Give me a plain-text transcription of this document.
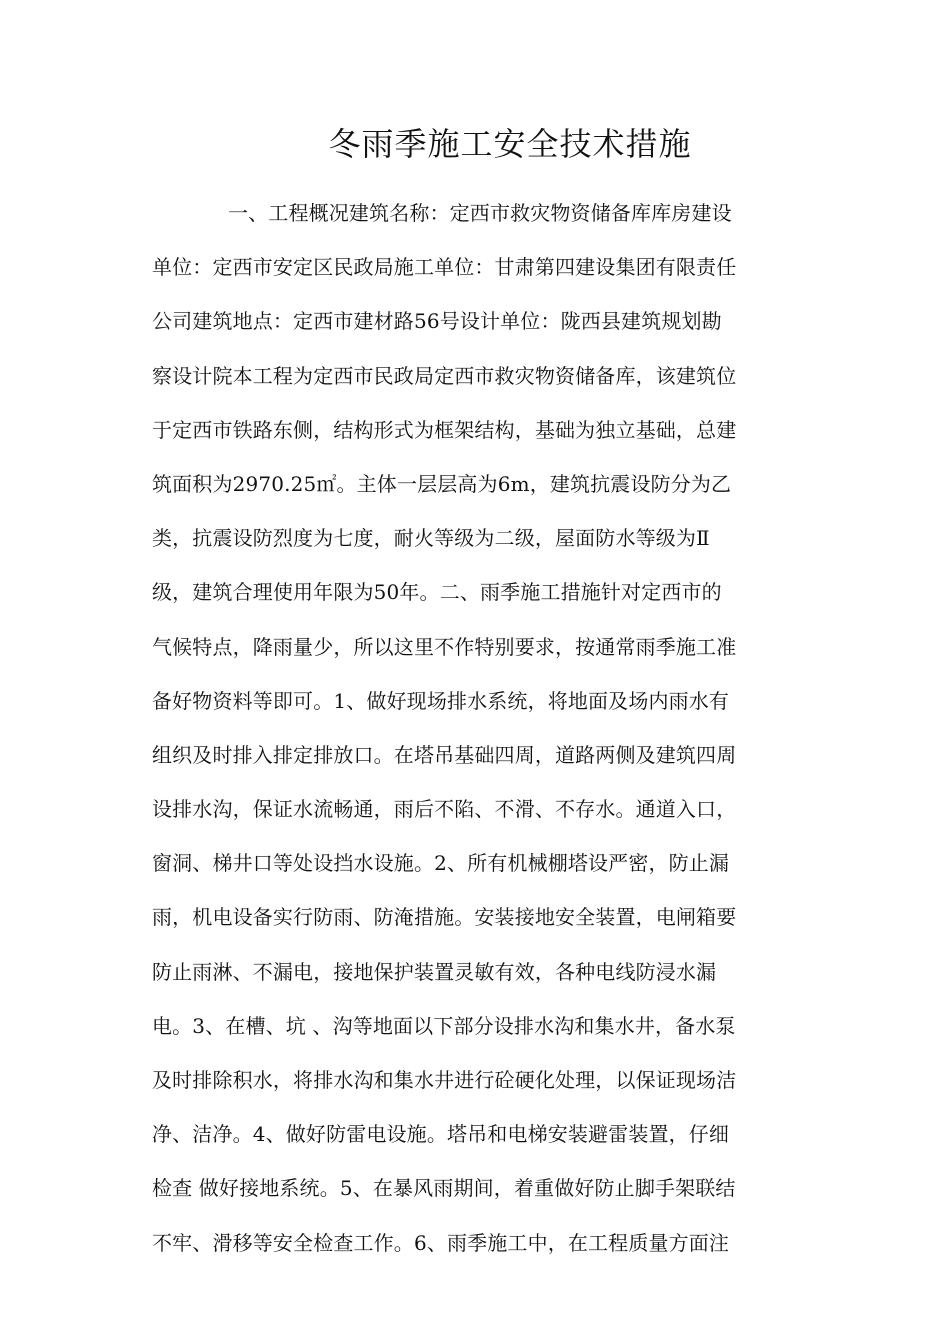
冬雨季施工安全技术措施
一、工程概况建筑名称：定西市救灾物资储备库库房建设
单位：定西市安定区民政局施工单位：甘肃第四建设集团有限责任
公司建筑地点：定西市建材路56号设计单位：陇西县建筑规划勘
察设计院本工程为定西市民政局定西市救灾物资储备库，该建筑位
于定西市铁路东侧，结构形式为框架结构，基础为独立基础，总建
筑面积为2970.25㎡。主体一层层高为6m，建筑抗震设防分为乙
类，抗震设防烈度为七度，耐火等级为二级，屋面防水等级为Ⅱ
级，建筑合理使用年限为50年。二、雨季施工措施针对定西市的
气候特点，降雨量少，所以这里不作特别要求，按通常雨季施工准
备好物资料等即可。1、做好现场排水系统，将地面及场内雨水有
组织及时排入排定排放口。在塔吊基础四周，道路两侧及建筑四周
设排水沟，保证水流畅通，雨后不陷、不滑、不存水。通道入口，
窗洞、梯井口等处设挡水设施。2、所有机械棚塔设严密，防止漏
雨，机电设备实行防雨、防淹措施。安装接地安全装置，电闸箱要
防止雨淋、不漏电，接地保护装置灵敏有效，各种电线防浸水漏
电。3、在槽、坑 、沟等地面以下部分设排水沟和集水井，备水泵
及时排除积水，将排水沟和集水井进行砼硬化处理，以保证现场洁
净、洁净。4、做好防雷电设施。塔吊和电梯安装避雷装置，仔细
检查 做好接地系统。5、在暴风雨期间，着重做好防止脚手架联结
不牢、滑移等安全检查工作。6、雨季施工中，在工程质量方面注
